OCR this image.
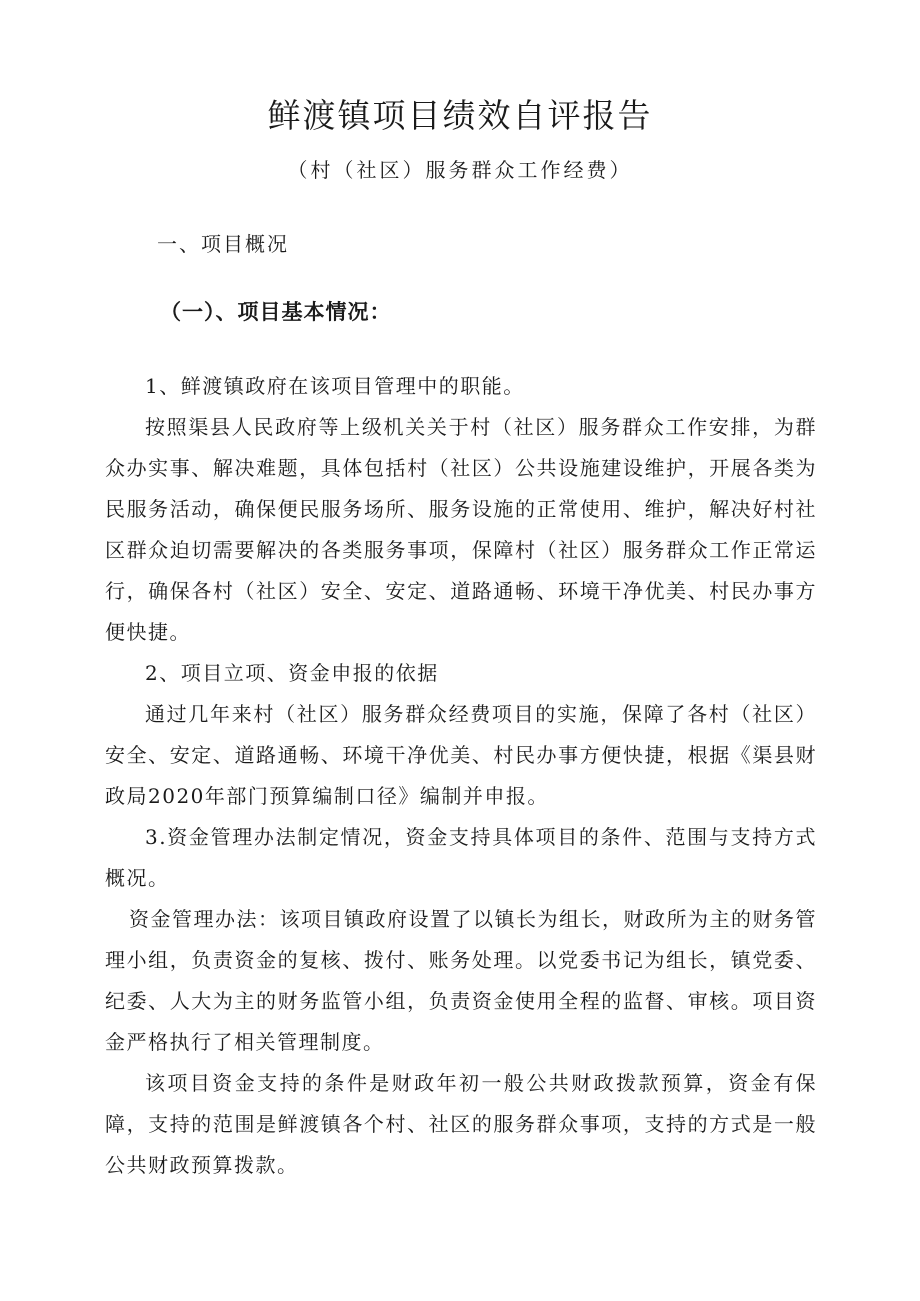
鲜渡镇项目绩效自评报告
（村（社区）服务群众工作经费）
一、项目概况
（一）、项目基本情况：

1、鲜渡镇政府在该项目管理中的职能。

按照渠县人民政府等上级机关关于村（社区）服务群众工作安排，为群众办实事、解决难题，具体包括村（社区）公共设施建设维护，开展各类为民服务活动，确保便民服务场所、服务设施的正常使用、维护，解决好村社区群众迫切需要解决的各类服务事项，保障村（社区）服务群众工作正常运行，确保各村（社区）安全、安定、道路通畅、环境干净优美、村民办事方便快捷。

2、项目立项、资金申报的依据

通过几年来村（社区）服务群众经费项目的实施，保障了各村（社区）安全、安定、道路通畅、环境干净优美、村民办事方便快捷，根据《渠县财政局2020年部门预算编制口径》编制并申报。

3.资金管理办法制定情况，资金支持具体项目的条件、范围与支持方式概况。

资金管理办法：该项目镇政府设置了以镇长为组长，财政所为主的财务管理小组，负责资金的复核、拨付、账务处理。以党委书记为组长，镇党委、纪委、人大为主的财务监管小组，负责资金使用全程的监督、审核。项目资金严格执行了相关管理制度。

该项目资金支持的条件是财政年初一般公共财政拨款预算，资金有保障，支持的范围是鲜渡镇各个村、社区的服务群众事项，支持的方式是一般公共财政预算拨款。
